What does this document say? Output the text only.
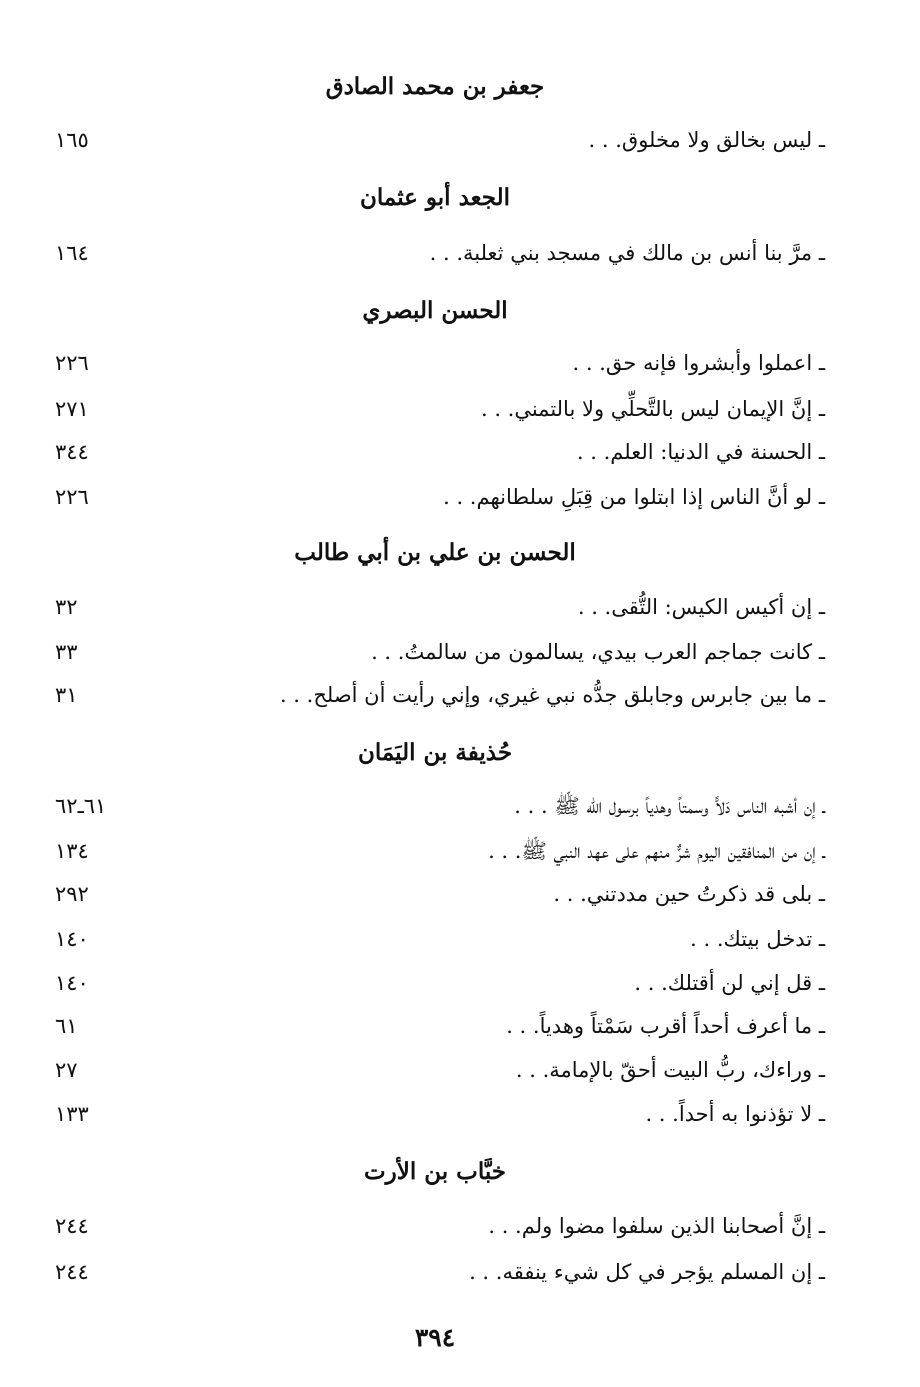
جعفر بن محمد الصادق
ـ ليس بخالق ولا مخلوق. . .
١٦٥
الجعد أبو عثمان
ـ مرَّ بنا أنس بن مالك في مسجد بني ثعلبة. . .
١٦٤
الحسن البصري
ـ اعملوا وأبشروا فإنه حق. . .
٢٢٦
ـ إنَّ الإيمان ليس بالتَّحلِّي ولا بالتمني. . .
٢٧١
ـ الحسنة في الدنيا: العلم. . .
٣٤٤
ـ لو أنَّ الناس إذا ابتلوا من قِبَلِ سلطانهم. . .
٢٢٦
الحسن بن علي بن أبي طالب
ـ إن أكيس الكيس: التُّقى. . .
٣٢
ـ كانت جماجم العرب بيدي، يسالمون من سالمتُ. . .
٣٣
ـ ما بين جابرس وجابلق جدُّه نبي غيري، وإني رأيت أن أصلح. . .
٣١
حُذيفة بن اليَمَان
ـ إن أشبه الناس دَلاًّ وسمتاً وهدياً برسول الله ﷺ . . .
٦١ـ٦٢
ـ إن من المنافقين اليوم شرٌّ منهم على عهد النبي ﷺ. . .
١٣٤
ـ بلى قد ذكرتُ حين مددتني. . .
٢٩٢
ـ تدخل بيتك. . .
١٤٠
ـ قل إني لن أقتلك. . .
١٤٠
ـ ما أعرف أحداً أقرب سَمْتاً وهدياً. . .
٦١
ـ وراءك، ربُّ البيت أحقّ بالإمامة. . .
٢٧
ـ لا تؤذنوا به أحداً. . .
١٣٣
خبَّاب بن الأرت
ـ إنَّ أصحابنا الذين سلفوا مضوا ولم. . .
٢٤٤
ـ إن المسلم يؤجر في كل شيء ينفقه. . .
٢٤٤
٣٩٤
